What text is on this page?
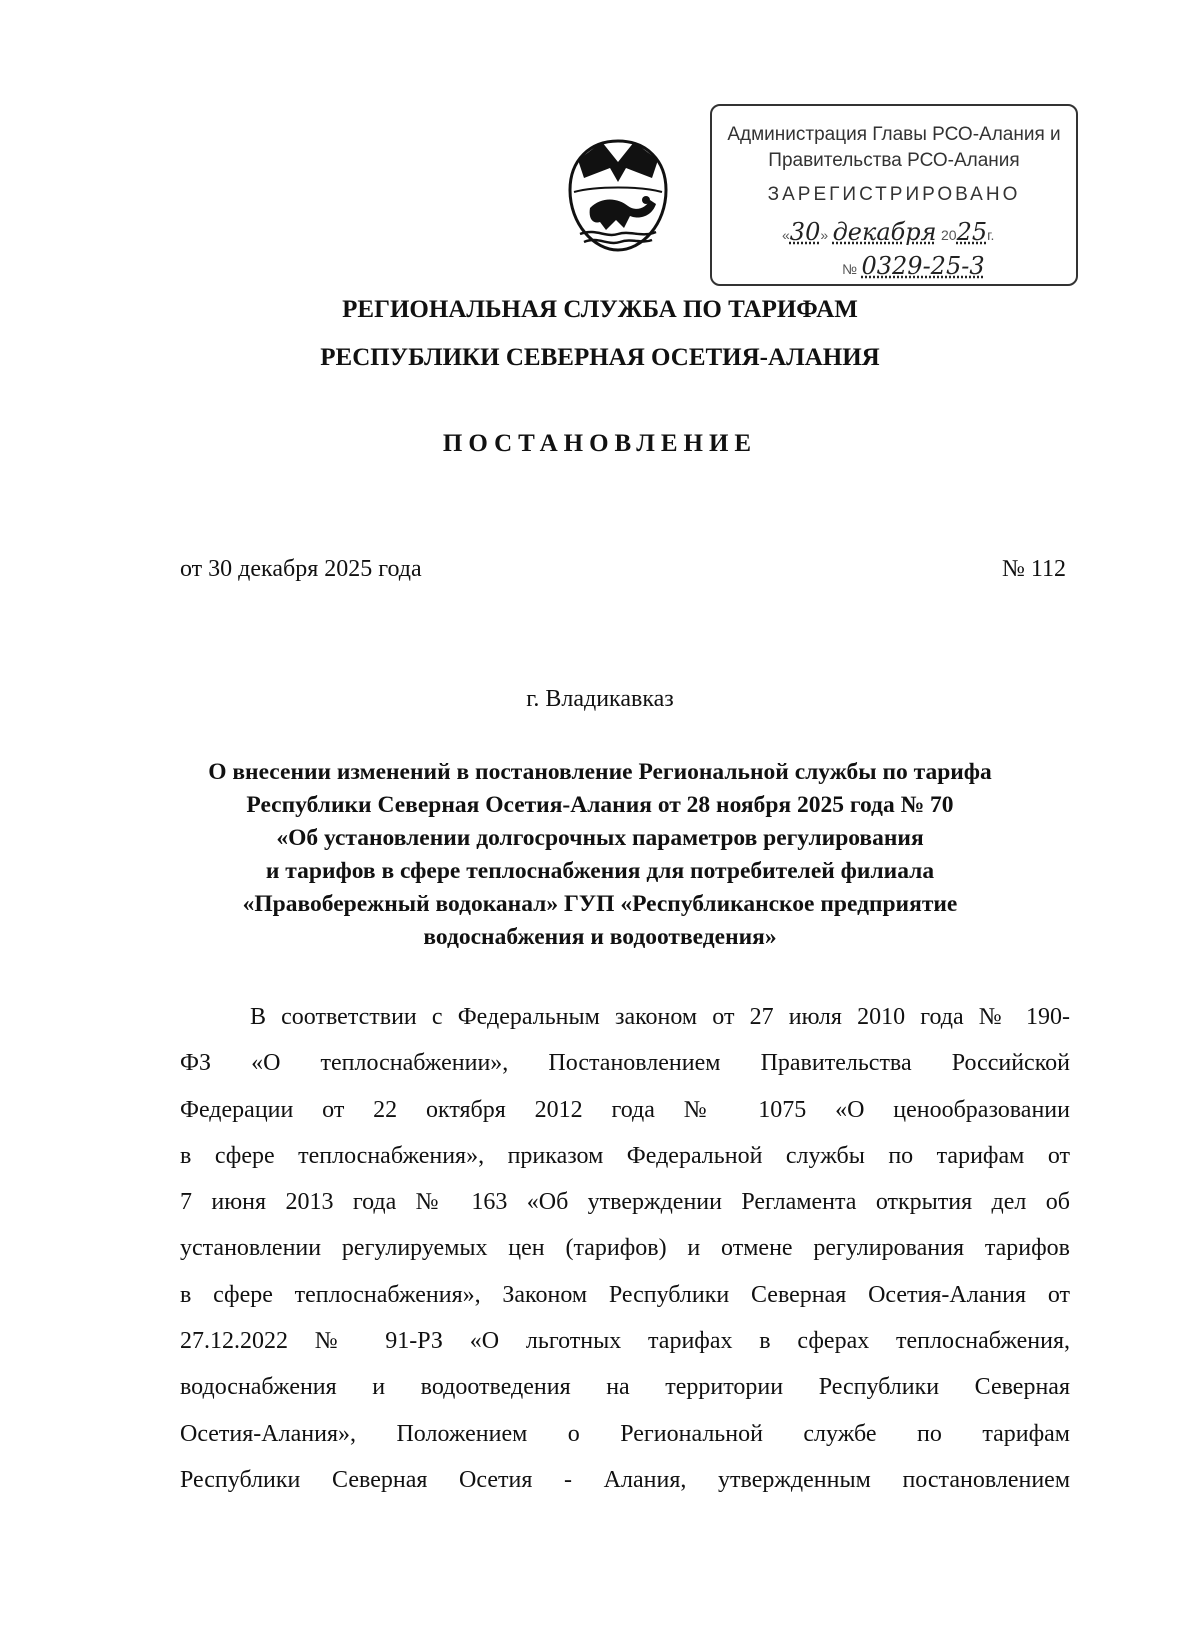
Администрация Главы РСО-Алания и
Правительства РСО-Алания
ЗАРЕГИСТРИРОВАНО
«30» декабря 2025г.
№ 0329-25-3
РЕГИОНАЛЬНАЯ СЛУЖБА ПО ТАРИФАМ
РЕСПУБЛИКИ СЕВЕРНАЯ ОСЕТИЯ-АЛАНИЯ
ПОСТАНОВЛЕНИЕ
от 30 декабря 2025 года	№ 112
г. Владикавказ
О внесении изменений в постановление Региональной службы по тарифа
Республики Северная Осетия-Алания от 28 ноября 2025 года № 70
«Об установлении долгосрочных параметров регулирования
и тарифов в сфере теплоснабжения для потребителей филиала
«Правобережный водоканал» ГУП «Республиканское предприятие
водоснабжения и водоотведения»
В соответствии с Федеральным законом от 27 июля 2010 года № 190-
ФЗ «О теплоснабжении», Постановлением Правительства Российской
Федерации от 22 октября 2012 года № 1075 «О ценообразовании
в сфере теплоснабжения», приказом Федеральной службы по тарифам от
7 июня 2013 года № 163 «Об утверждении Регламента открытия дел об
установлении регулируемых цен (тарифов) и отмене регулирования тарифов
в сфере теплоснабжения», Законом Республики Северная Осетия-Алания от
27.12.2022 № 91-РЗ «О льготных тарифах в сферах теплоснабжения,
водоснабжения и водоотведения на территории Республики Северная
Осетия-Алания», Положением о Региональной службе по тарифам
Республики Северная Осетия - Алания, утвержденным постановлением
